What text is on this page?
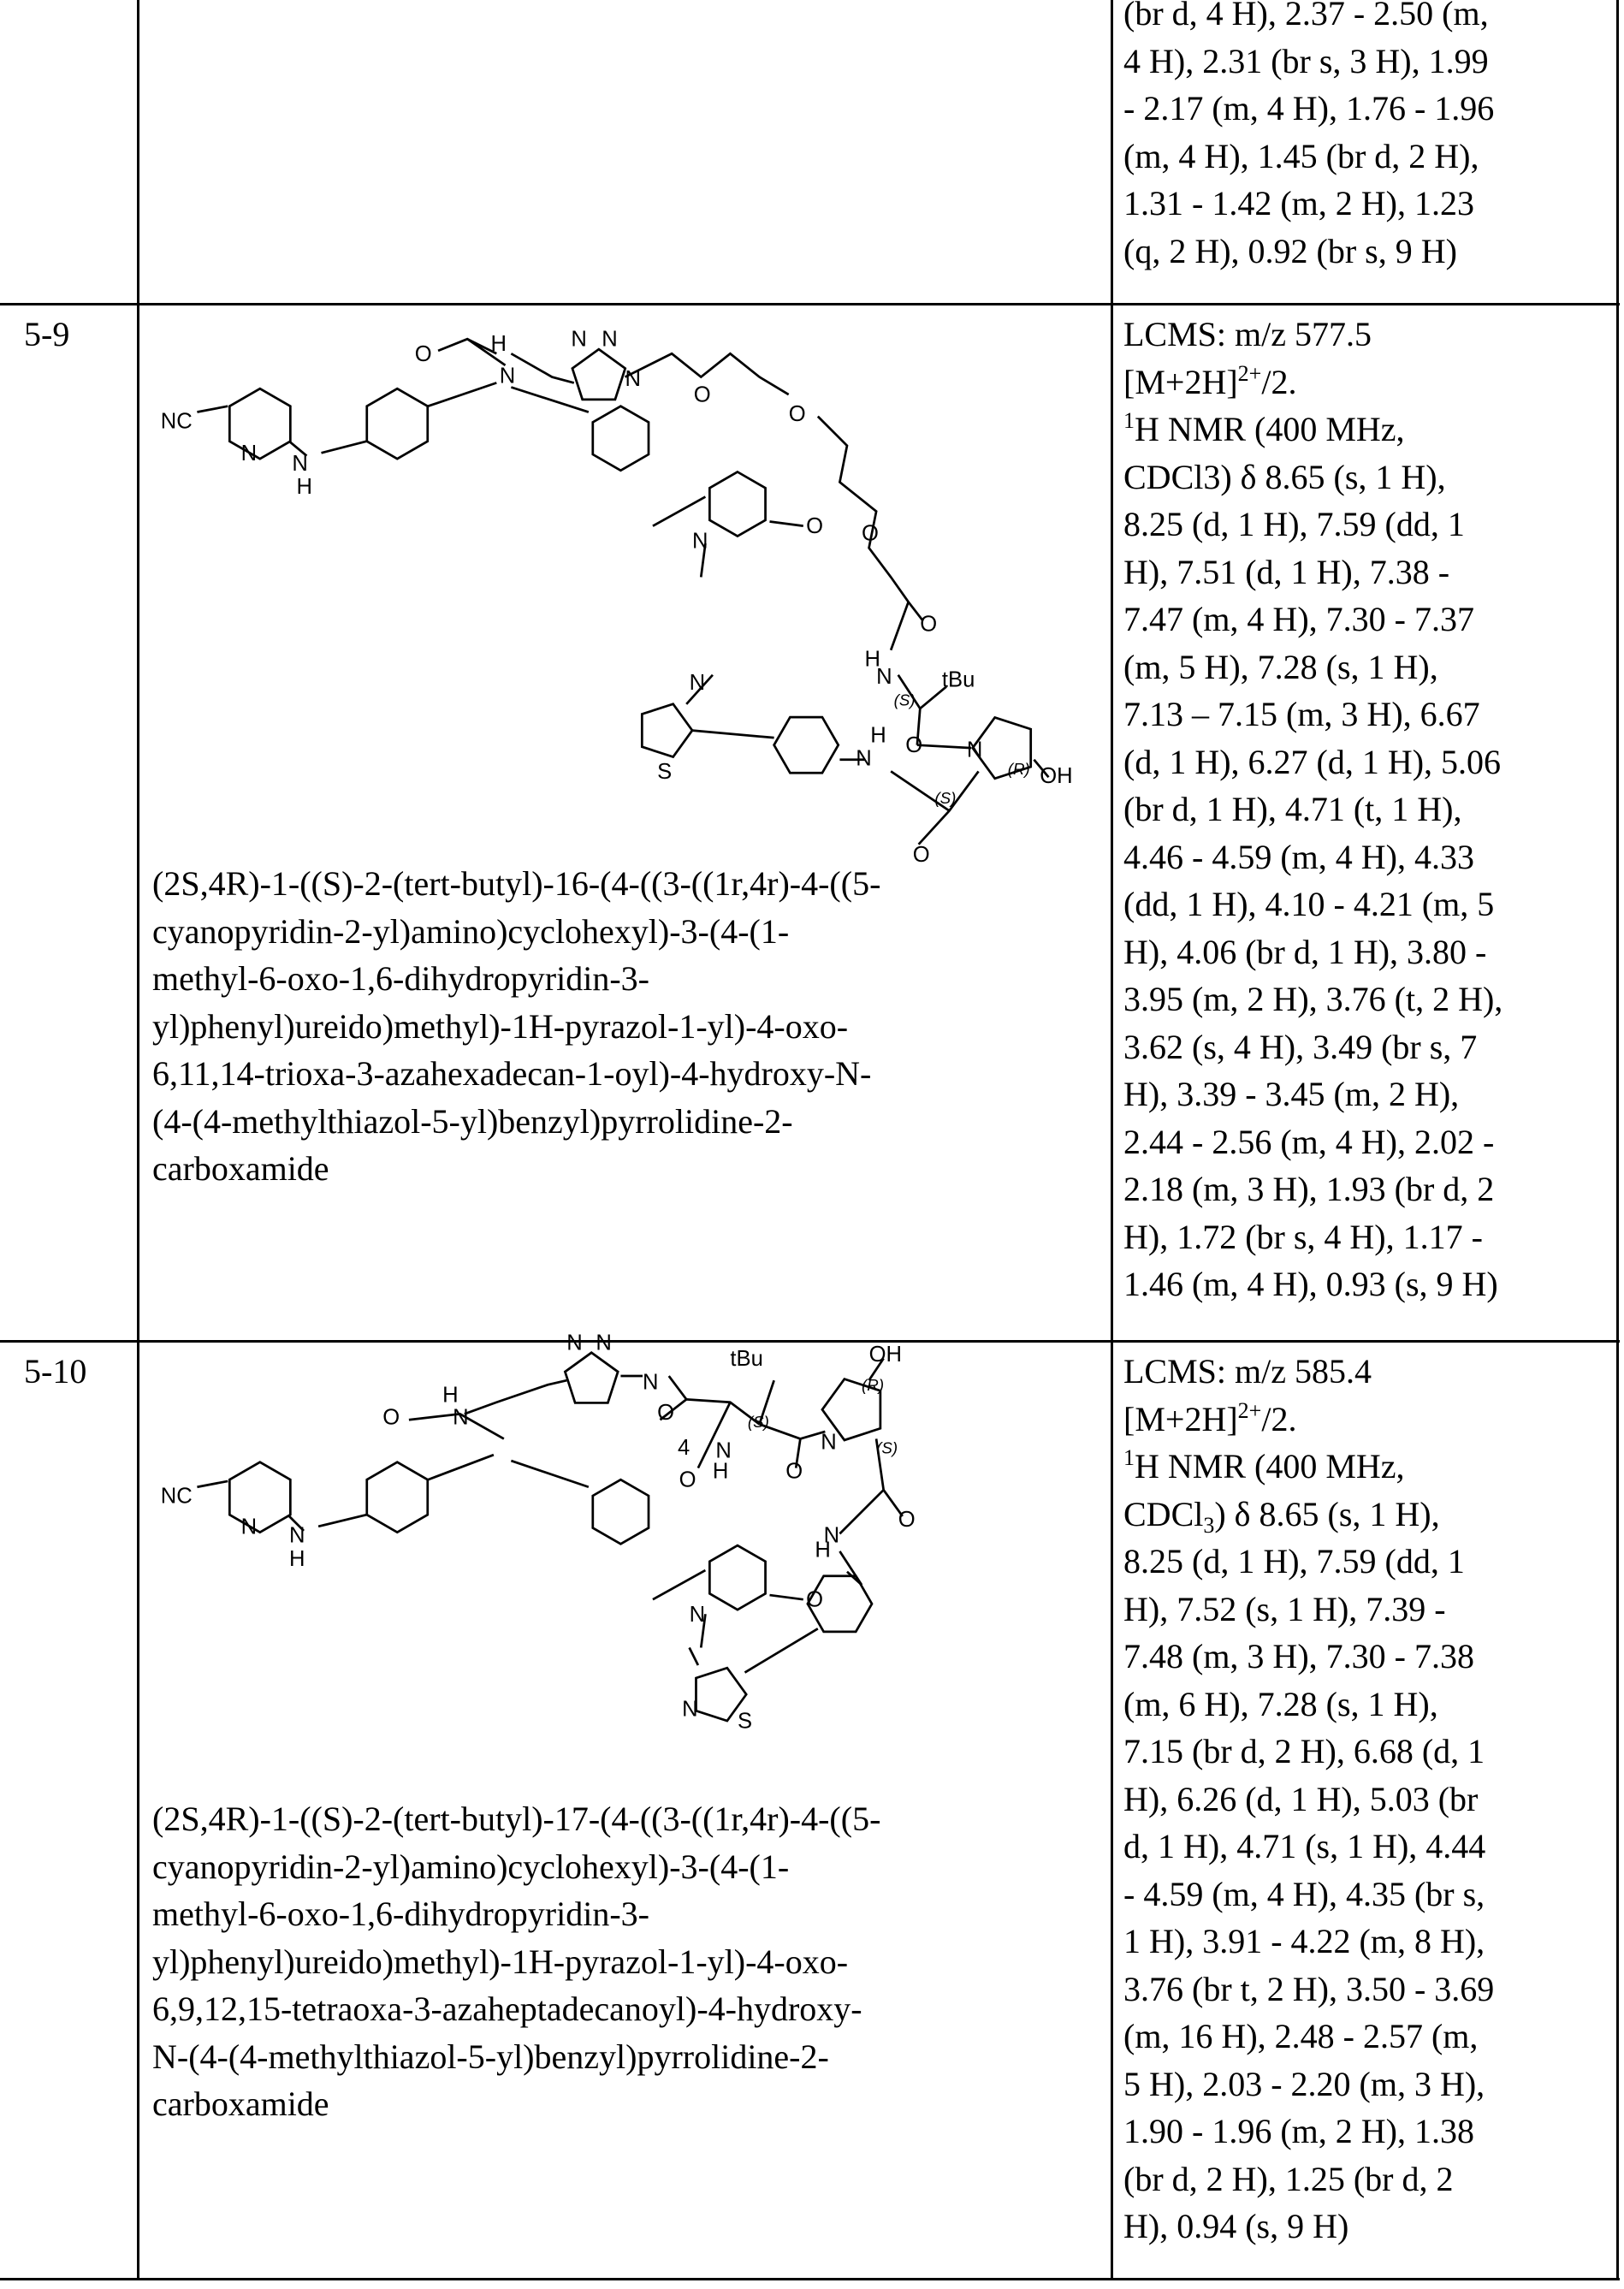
(br d, 4 H), 2.37 - 2.50 (m,
4 H), 2.31 (br s, 3 H), 1.99
- 2.17 (m, 4 H), 1.76 - 1.96
(m, 4 H), 1.45 (br d, 2 H),
1.31 - 1.42 (m, 2 H), 1.23
(q, 2 H), 0.92 (br s, 9 H)
5-9
(2S,4R)-1-((S)-2-(tert-butyl)-16-(4-((3-((1r,4r)-4-((5-
cyanopyridin-2-yl)amino)cyclohexyl)-3-(4-(1-
methyl-6-oxo-1,6-dihydropyridin-3-
yl)phenyl)ureido)methyl)-1H-pyrazol-1-yl)-4-oxo-
6,11,14-trioxa-3-azahexadecan-1-oyl)-4-hydroxy-N-
(4-(4-methylthiazol-5-yl)benzyl)pyrrolidine-2-
carboxamide
LCMS: m/z 577.5
[M+2H]2+/2.
1H NMR (400 MHz,
CDCl3) δ 8.65 (s, 1 H),
8.25 (d, 1 H), 7.59 (dd, 1
H), 7.51 (d, 1 H), 7.38 -
7.47 (m, 4 H), 7.30 - 7.37
(m, 5 H), 7.28 (s, 1 H),
7.13 – 7.15 (m, 3 H), 6.67
(d, 1 H), 6.27 (d, 1 H), 5.06
(br d, 1 H), 4.71 (t, 1 H),
4.46 - 4.59 (m, 4 H), 4.33
(dd, 1 H), 4.10 - 4.21 (m, 5
H), 4.06 (br d, 1 H), 3.80 -
3.95 (m, 2 H), 3.76 (t, 2 H),
3.62 (s, 4 H), 3.49 (br s, 7
H), 3.39 - 3.45 (m, 2 H),
2.44 - 2.56 (m, 4 H), 2.02 -
2.18 (m, 3 H), 1.93 (br d, 2
H), 1.72 (br s, 4 H), 1.17 -
1.46 (m, 4 H), 0.93 (s, 9 H)
5-10
(2S,4R)-1-((S)-2-(tert-butyl)-17-(4-((3-((1r,4r)-4-((5-
cyanopyridin-2-yl)amino)cyclohexyl)-3-(4-(1-
methyl-6-oxo-1,6-dihydropyridin-3-
yl)phenyl)ureido)methyl)-1H-pyrazol-1-yl)-4-oxo-
6,9,12,15-tetraoxa-3-azaheptadecanoyl)-4-hydroxy-
N-(4-(4-methylthiazol-5-yl)benzyl)pyrrolidine-2-
carboxamide
LCMS: m/z 585.4
[M+2H]2+/2.
1H NMR (400 MHz,
CDCl3) δ 8.65 (s, 1 H),
8.25 (d, 1 H), 7.59 (dd, 1
H), 7.52 (s, 1 H), 7.39 -
7.48 (m, 3 H), 7.30 - 7.38
(m, 6 H), 7.28 (s, 1 H),
7.15 (br d, 2 H), 6.68 (d, 1
H), 6.26 (d, 1 H), 5.03 (br
d, 1 H), 4.71 (s, 1 H), 4.44
- 4.59 (m, 4 H), 4.35 (br s,
1 H), 3.91 - 4.22 (m, 8 H),
3.76 (br t, 2 H), 3.50 - 3.69
(m, 16 H), 2.48 - 2.57 (m,
5 H), 2.03 - 2.20 (m, 3 H),
1.90 - 1.96 (m, 2 H), 1.38
(br d, 2 H), 1.25 (br d, 2
H), 0.94 (s, 9 H)
NC
N
H
N
O	H
N
N N
N
N
O
O
O
O
O
H
N	tBu
(S)
O	N
(R) OH
(S)
O
H
N
N
S
NC
N
H
N
O
H
N
N N
N
N
O
O
4
O H
N
tBu
(S)
O
N
OH
(R)
(S)
O
H
N
N	S
